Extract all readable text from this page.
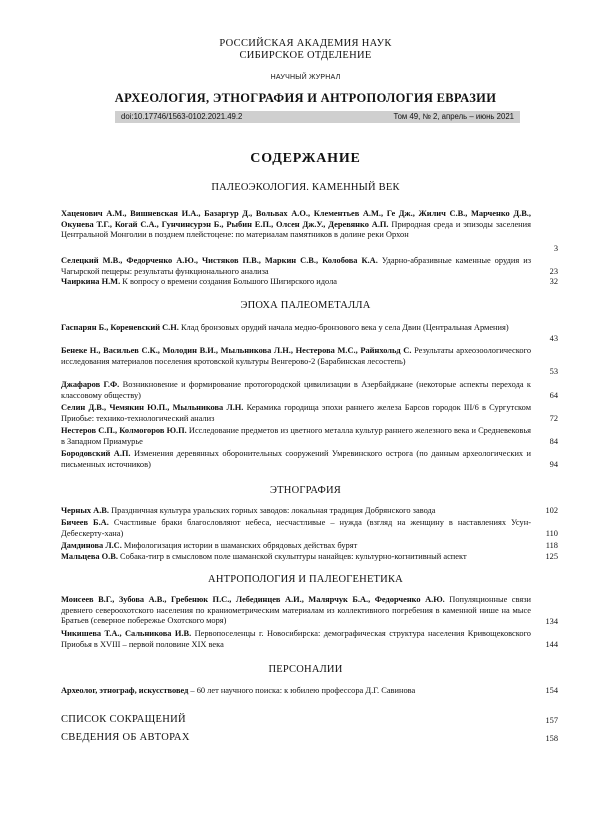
РОССИЙСКАЯ АКАДЕМИЯ НАУК
СИБИРСКОЕ ОТДЕЛЕНИЕ
НАУЧНЫЙ ЖУРНАЛ
АРХЕОЛОГИЯ, ЭТНОГРАФИЯ И АНТРОПОЛОГИЯ ЕВРАЗИИ
doi:10.17746/1563-0102.2021.49.2	Том 49, № 2, апрель – июнь 2021
СОДЕРЖАНИЕ
ПАЛЕОЭКОЛОГИЯ. КАМЕННЫЙ ВЕК
Хаценович А.М., Вишневская И.А., Базаргур Д., Вольвах А.О., Клементьев А.М., Ге Дж., Жилич С.В., Марченко Д.В., Окунева Т.Г., Когай С.А., Гунчинсурэн Б., Рыбин Е.П., Олсен Дж.У., Деревянко А.П. Природная среда и эпизоды заселения Центральной Монголии в позднем плейстоцене: по материалам памятников в долине реки Орхон
3
Селецкий М.В., Федорченко А.Ю., Чистяков П.В., Маркин С.В., Колобова К.А. Ударно-абразивные каменные орудия из Чагырской пещеры: результаты функционального анализа	23
Чаиркина Н.М. К вопросу о времени создания Большого Шигирского идола	32
ЭПОХА ПАЛЕОМЕТАЛЛА
Гаспарян Б., Кореневский С.Н. Клад бронзовых орудий начала медно-бронзового века у села Двин (Центральная Армения)
43
Бенеке Н., Васильев С.К., Молодин В.И., Мыльникова Л.Н., Нестерова М.С., Райнхольд С. Результаты археозоологического исследования материалов поселения кротовской культуры Венгерово-2 (Барабинская лесостепь)
53
Джафаров Г.Ф. Возникновение и формирование протогородской цивилизации в Азербайджане (некоторые аспекты перехода к классовому обществу)	64
Селин Д.В., Чемякин Ю.П., Мыльникова Л.Н. Керамика городища эпохи раннего железа Барсов городок III/6 в Сургутском Приобье: технико-технологический анализ	72
Нестеров С.П., Колмогоров Ю.П. Исследование предметов из цветного металла культур раннего железного века и Средневековья в Западном Приамурье	84
Бородовский А.П. Изменения деревянных оборонительных сооружений Умревинского острога (по данным археологических и письменных источников)	94
ЭТНОГРАФИЯ
Черных А.В. Праздничная культура уральских горных заводов: локальная традиция Добрянского завода	102
Бичеев Б.А. Счастливые браки благословляют небеса, несчастливые – нужда (взгляд на женщину в наставлениях Усун-Дебескерту-хана)	110
Дамдинова Л.С. Мифологизация истории в шаманских обрядовых действах бурят	118
Мальцева О.В. Собака-тигр в смысловом поле шаманской скульптуры нанайцев: культурно-когнитивный аспект	125
АНТРОПОЛОГИЯ И ПАЛЕОГЕНЕТИКА
Моисеев В.Г., Зубова А.В., Гребенюк П.С., Лебединцев А.И., Малярчук Б.А., Федорченко А.Ю. Популяционные связи древнего североохотского населения по краниометрическим материалам из коллективного погребения в каменной нише на мысе Братьев (северное побережье Охотского моря)	134
Чикишева Т.А., Сальникова И.В. Первопоселенцы г. Новосибирска: демографическая структура населения Кривощековского Приобья в XVIII – первой половине XIX века	144
ПЕРСОНАЛИИ
Археолог, этнограф, искусствовед – 60 лет научного поиска: к юбилею профессора Д.Г. Савинова	154
СПИСОК СОКРАЩЕНИЙ	157
СВЕДЕНИЯ ОБ АВТОРАХ	158
